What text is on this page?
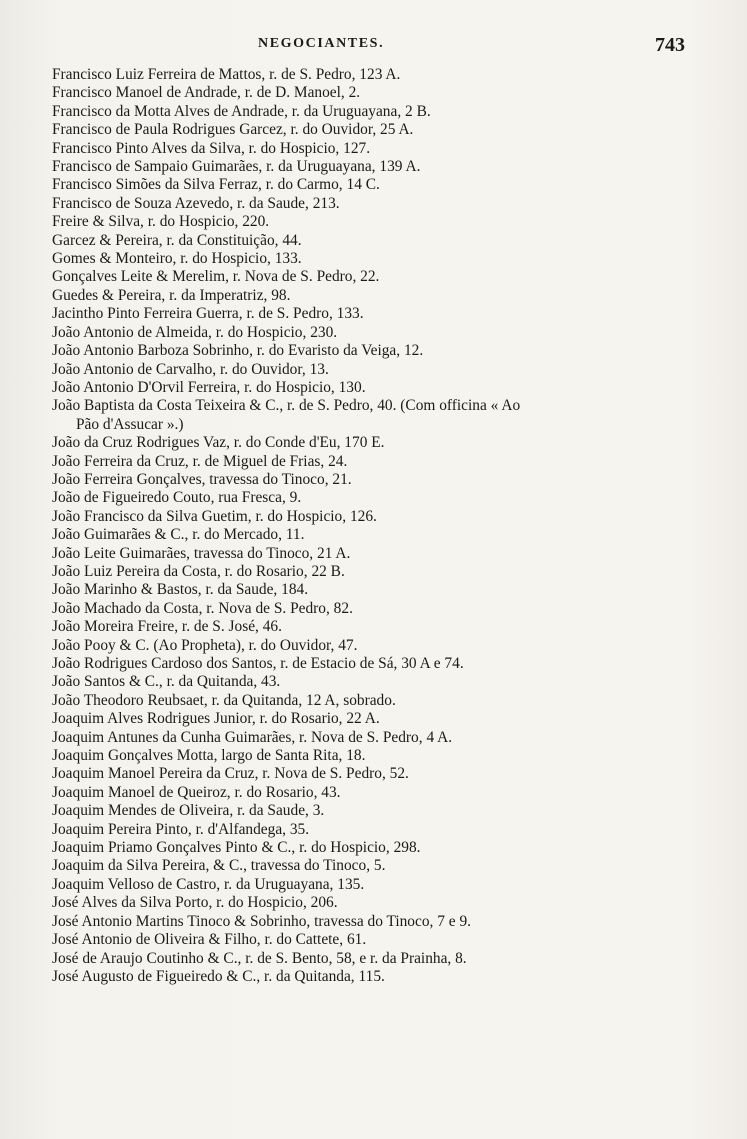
NEGOCIANTES.	743
Francisco Luiz Ferreira de Mattos, r. de S. Pedro, 123 A.
Francisco Manoel de Andrade, r. de D. Manoel, 2.
Francisco da Motta Alves de Andrade, r. da Uruguayana, 2 B.
Francisco de Paula Rodrigues Garcez, r. do Ouvidor, 25 A.
Francisco Pinto Alves da Silva, r. do Hospicio, 127.
Francisco de Sampaio Guimarães, r. da Uruguayana, 139 A.
Francisco Simões da Silva Ferraz, r. do Carmo, 14 C.
Francisco de Souza Azevedo, r. da Saude, 213.
Freire & Silva, r. do Hospicio, 220.
Garcez & Pereira, r. da Constituição, 44.
Gomes & Monteiro, r. do Hospicio, 133.
Gonçalves Leite & Merelim, r. Nova de S. Pedro, 22.
Guedes & Pereira, r. da Imperatriz, 98.
Jacintho Pinto Ferreira Guerra, r. de S. Pedro, 133.
João Antonio de Almeida, r. do Hospicio, 230.
João Antonio Barboza Sobrinho, r. do Evaristo da Veiga, 12.
João Antonio de Carvalho, r. do Ouvidor, 13.
João Antonio D'Orvil Ferreira, r. do Hospicio, 130.
João Baptista da Costa Teixeira & C., r. de S. Pedro, 40. (Com officina « Ao
Pão d'Assucar ».)
João da Cruz Rodrigues Vaz, r. do Conde d'Eu, 170 E.
João Ferreira da Cruz, r. de Miguel de Frias, 24.
João Ferreira Gonçalves, travessa do Tinoco, 21.
João de Figueiredo Couto, rua Fresca, 9.
João Francisco da Silva Guetim, r. do Hospicio, 126.
João Guimarães & C., r. do Mercado, 11.
João Leite Guimarães, travessa do Tinoco, 21 A.
João Luiz Pereira da Costa, r. do Rosario, 22 B.
João Marinho & Bastos, r. da Saude, 184.
João Machado da Costa, r. Nova de S. Pedro, 82.
João Moreira Freire, r. de S. José, 46.
João Pooy & C. (Ao Propheta), r. do Ouvidor, 47.
João Rodrigues Cardoso dos Santos, r. de Estacio de Sá, 30 A e 74.
João Santos & C., r. da Quitanda, 43.
João Theodoro Reubsaet, r. da Quitanda, 12 A, sobrado.
Joaquim Alves Rodrigues Junior, r. do Rosario, 22 A.
Joaquim Antunes da Cunha Guimarães, r. Nova de S. Pedro, 4 A.
Joaquim Gonçalves Motta, largo de Santa Rita, 18.
Joaquim Manoel Pereira da Cruz, r. Nova de S. Pedro, 52.
Joaquim Manoel de Queiroz, r. do Rosario, 43.
Joaquim Mendes de Oliveira, r. da Saude, 3.
Joaquim Pereira Pinto, r. d'Alfandega, 35.
Joaquim Priamo Gonçalves Pinto & C., r. do Hospicio, 298.
Joaquim da Silva Pereira, & C., travessa do Tinoco, 5.
Joaquim Velloso de Castro, r. da Uruguayana, 135.
José Alves da Silva Porto, r. do Hospicio, 206.
José Antonio Martins Tinoco & Sobrinho, travessa do Tinoco, 7 e 9.
José Antonio de Oliveira & Filho, r. do Cattete, 61.
José de Araujo Coutinho & C., r. de S. Bento, 58, e r. da Prainha, 8.
José Augusto de Figueiredo & C., r. da Quitanda, 115.
